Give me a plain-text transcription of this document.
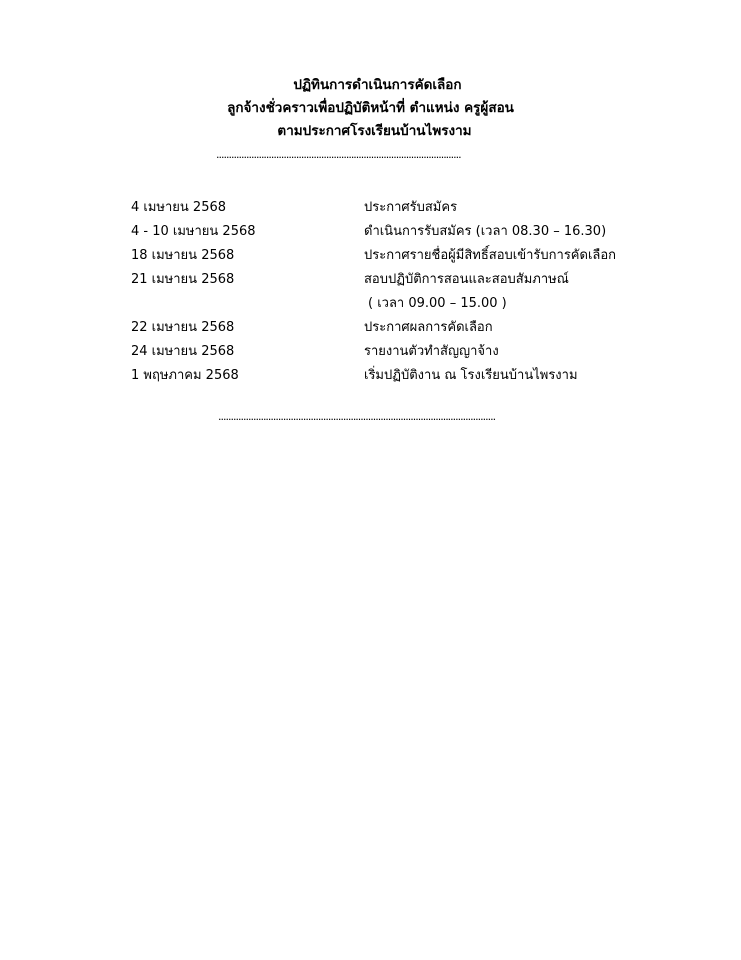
ปฏิทินการดำเนินการคัดเลือก
ลูกจ้างชั่วคราวเพื่อปฏิบัติหน้าที่ ตำแหน่ง ครูผู้สอน
ตามประกาศโรงเรียนบ้านไพรงาม
..................................................................................................
4 เมษายน 2568	ประกาศรับสมัคร
4 - 10 เมษายน 2568	ดำเนินการรับสมัคร (เวลา 08.30 – 16.30)
18 เมษายน 2568	ประกาศรายชื่อผู้มีสิทธิ์สอบเข้ารับการคัดเลือก
21 เมษายน 2568	สอบปฏิบัติการสอนและสอบสัมภาษณ์
( เวลา 09.00 – 15.00 )
22 เมษายน 2568	ประกาศผลการคัดเลือก
24 เมษายน 2568	รายงานตัวทำสัญญาจ้าง
1 พฤษภาคม 2568	เริ่มปฏิบัติงาน ณ โรงเรียนบ้านไพรงาม
...............................................................................................................
